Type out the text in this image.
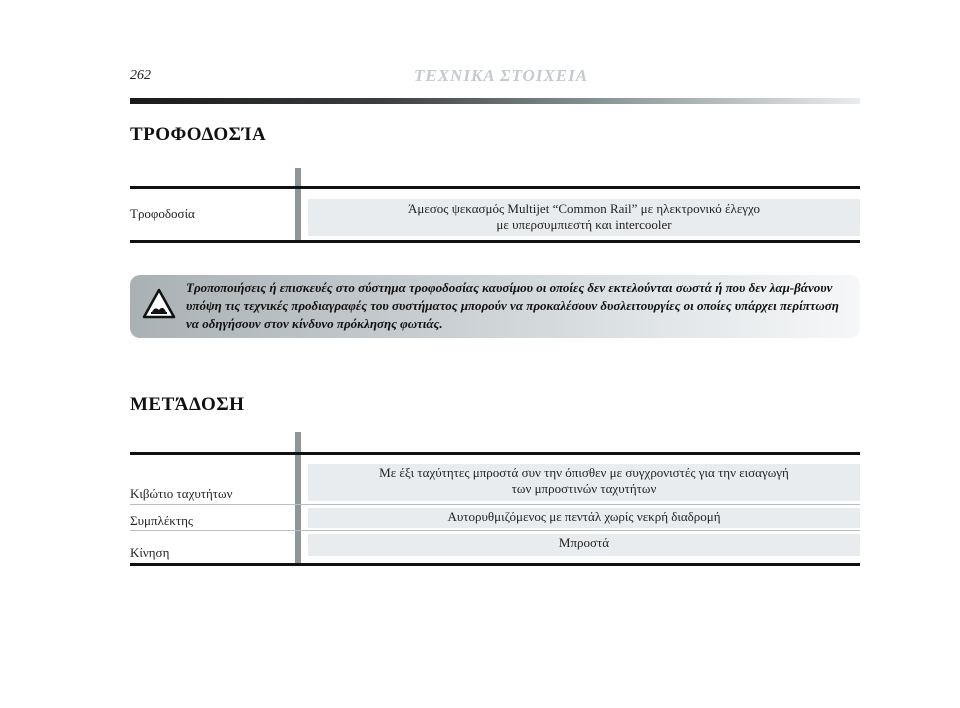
262	ΤΕΧΝΙΚΑ ΣΤΟΙΧΕΙΑ
ΤΡΟΦΟΔΟΣΊΑ
Τροφοδοσία	Άμεσος ψεκασμός Multijet “Common Rail” με ηλεκτρονικό έλεγχο
με υπερσυμπιεστή και intercooler
Τροποποιήσεις ή επισκευές στο σύστημα τροφοδοσίας καυσίμου οι οποίες δεν εκτελούνται σωστά ή που δεν λαμ-βάνουν υπόψη τις τεχνικές προδιαγραφές του συστήματος μπορούν να προκαλέσουν δυσλειτουργίες οι οποίες υπάρχει περίπτωση να οδηγήσουν στον κίνδυνο πρόκλησης φωτιάς.
ΜΕΤΆΔΟΣΗ
Με έξι ταχύτητες μπροστά συν την όπισθεν με συγχρονιστές για την εισαγωγή
των μπροστινών ταχυτήτων
Κιβώτιο ταχυτήτων
Αυτορυθμιζόμενος με πεντάλ χωρίς νεκρή διαδρομή
Συμπλέκτης
Μπροστά
Κίνηση
